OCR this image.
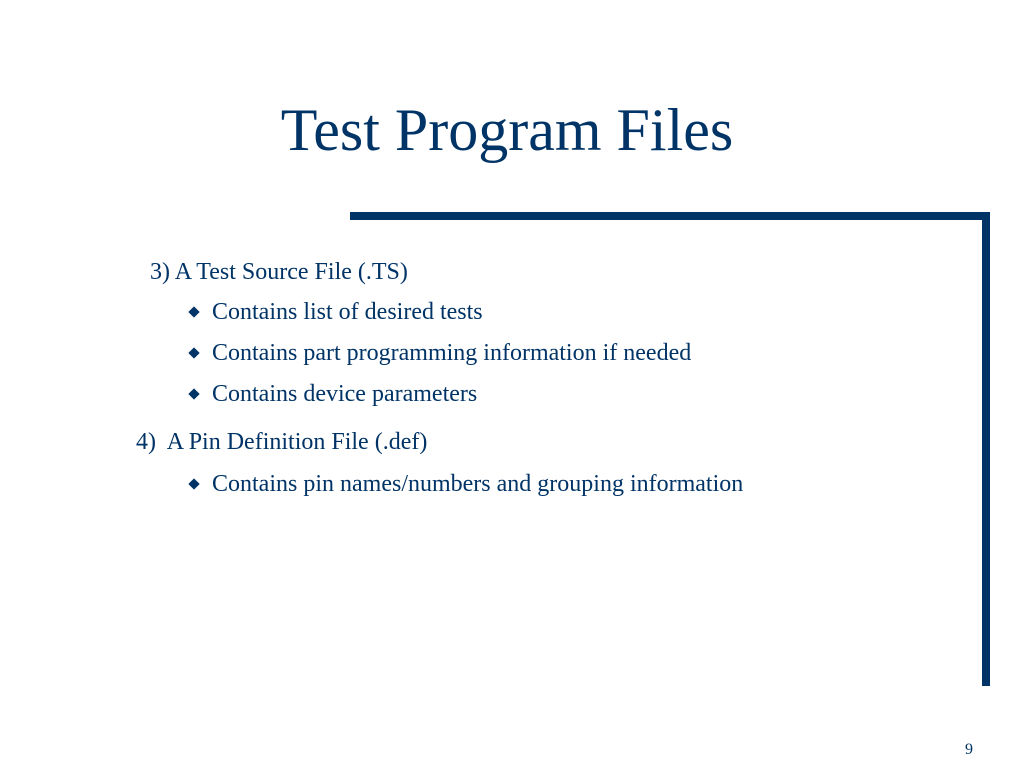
Test Program Files
3) A Test Source File (.TS)
Contains list of desired tests
Contains part programming information if needed
Contains device parameters
4) A Pin Definition File (.def)
Contains pin names/numbers and grouping information
9
